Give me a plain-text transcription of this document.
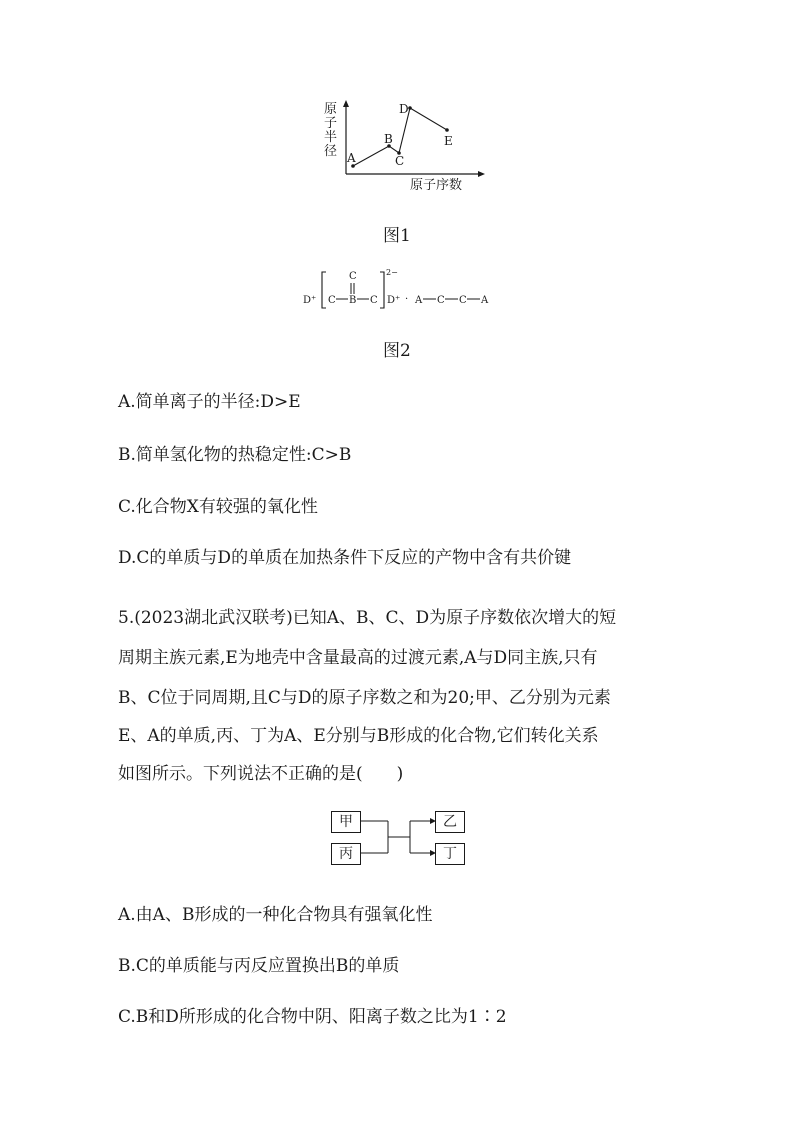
原
子
半
径
原子序数
A
B
C
D
E
图1
D⁺ C B C
C	2−
D⁺ · A C C A
图2
A.简单离子的半径:D>E
B.简单氢化物的热稳定性:C>B
C.化合物X有较强的氧化性
D.C的单质与D的单质在加热条件下反应的产物中含有共价键
5.(2023湖北武汉联考)已知A、B、C、D为原子序数依次增大的短
周期主族元素,E为地壳中含量最高的过渡元素,A与D同主族,只有
B、C位于同周期,且C与D的原子序数之和为20;甲、乙分别为元素
E、A的单质,丙、丁为A、E分别与B形成的化合物,它们转化关系
如图所示。下列说法不正确的是(　　)
甲
丙
乙
丁
A.由A、B形成的一种化合物具有强氧化性
B.C的单质能与丙反应置换出B的单质
C.B和D所形成的化合物中阴、阳离子数之比为1∶2
